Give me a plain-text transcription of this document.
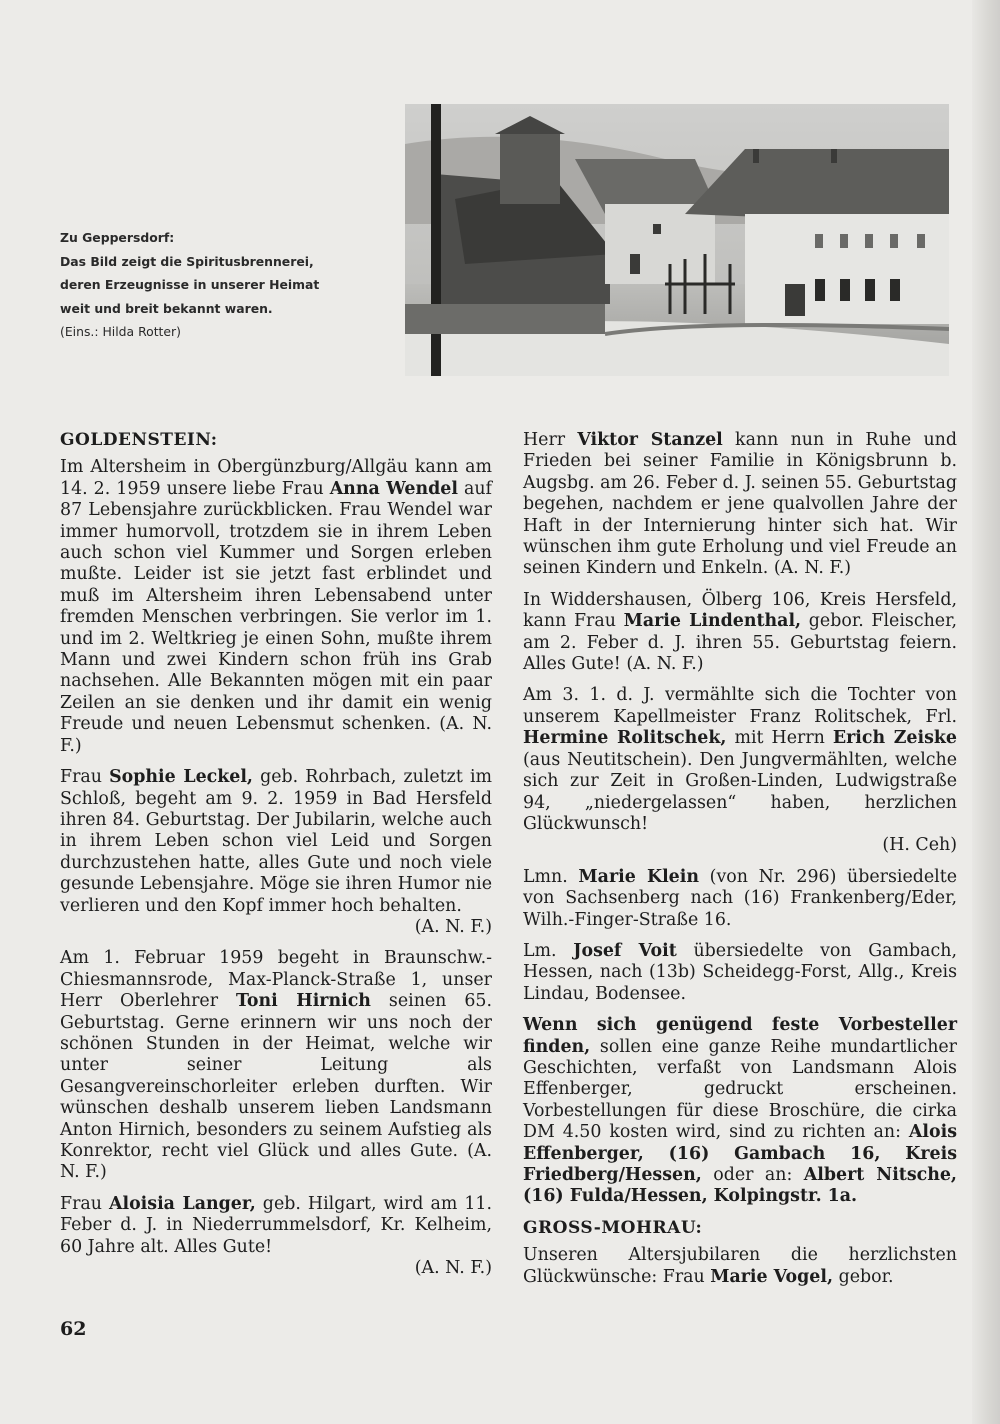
Zu Geppersdorf:
Das Bild zeigt die Spiritusbrennerei,
deren Erzeugnisse in unserer Heimat
weit und breit bekannt waren.
(Eins.: Hilda Rotter)
GOLDENSTEIN:

Im Altersheim in Obergünzburg/Allgäu kann am 14. 2. 1959 unsere liebe Frau Anna Wendel auf 87 Lebensjahre zurückblicken. Frau Wendel war immer humorvoll, trotzdem sie in ihrem Leben auch schon viel Kummer und Sorgen erleben mußte. Leider ist sie jetzt fast erblindet und muß im Altersheim ihren Lebensabend unter fremden Menschen verbringen. Sie verlor im 1. und im 2. Weltkrieg je einen Sohn, mußte ihrem Mann und zwei Kindern schon früh ins Grab nachsehen. Alle Bekannten mögen mit ein paar Zeilen an sie denken und ihr damit ein wenig Freude und neuen Lebensmut schenken. (A. N. F.)

Frau Sophie Leckel, geb. Rohrbach, zuletzt im Schloß, begeht am 9. 2. 1959 in Bad Hersfeld ihren 84. Geburtstag. Der Jubilarin, welche auch in ihrem Leben schon viel Leid und Sorgen durchzustehen hatte, alles Gute und noch viele gesunde Lebensjahre. Möge sie ihren Humor nie verlieren und den Kopf immer hoch behalten.
(A. N. F.)

Am 1. Februar 1959 begeht in Braunschw.-Chiesmannsrode, Max-Planck-Straße 1, unser Herr Oberlehrer Toni Hirnich seinen 65. Geburtstag. Gerne erinnern wir uns noch der schönen Stunden in der Heimat, welche wir unter seiner Leitung als Gesangvereinschorleiter erleben durften. Wir wünschen deshalb unserem lieben Landsmann Anton Hirnich, besonders zu seinem Aufstieg als Konrektor, recht viel Glück und alles Gute. (A. N. F.)

Frau Aloisia Langer, geb. Hilgart, wird am 11. Feber d. J. in Niederrummelsdorf, Kr. Kelheim, 60 Jahre alt. Alles Gute!
(A. N. F.)

Herr Viktor Stanzel kann nun in Ruhe und Frieden bei seiner Familie in Königsbrunn b. Augsbg. am 26. Feber d. J. seinen 55. Geburtstag begehen, nachdem er jene qualvollen Jahre der Haft in der Internierung hinter sich hat. Wir wünschen ihm gute Erholung und viel Freude an seinen Kindern und Enkeln. (A. N. F.)

In Widdershausen, Ölberg 106, Kreis Hersfeld, kann Frau Marie Lindenthal, gebor. Fleischer, am 2. Feber d. J. ihren 55. Geburtstag feiern. Alles Gute! (A. N. F.)

Am 3. 1. d. J. vermählte sich die Tochter von unserem Kapellmeister Franz Rolitschek, Frl. Hermine Rolitschek, mit Herrn Erich Zeiske (aus Neutitschein). Den Jungvermählten, welche sich zur Zeit in Großen-Linden, Ludwigstraße 94, „niedergelassen“ haben, herzlichen Glückwunsch!
(H. Ceh)

Lmn. Marie Klein (von Nr. 296) übersiedelte von Sachsenberg nach (16) Frankenberg/Eder, Wilh.-Finger-Straße 16.

Lm. Josef Voit übersiedelte von Gambach, Hessen, nach (13b) Scheidegg-Forst, Allg., Kreis Lindau, Bodensee.

Wenn sich genügend feste Vorbesteller finden, sollen eine ganze Reihe mundartlicher Geschichten, verfaßt von Landsmann Alois Effenberger, gedruckt erscheinen. Vorbestellungen für diese Broschüre, die cirka DM 4.50 kosten wird, sind zu richten an: Alois Effenberger, (16) Gambach 16, Kreis Friedberg/Hessen, oder an: Albert Nitsche, (16) Fulda/Hessen, Kolpingstr. 1a.

GROSS-MOHRAU:

Unseren Altersjubilaren die herzlichsten Glückwünsche: Frau Marie Vogel, gebor.

62
